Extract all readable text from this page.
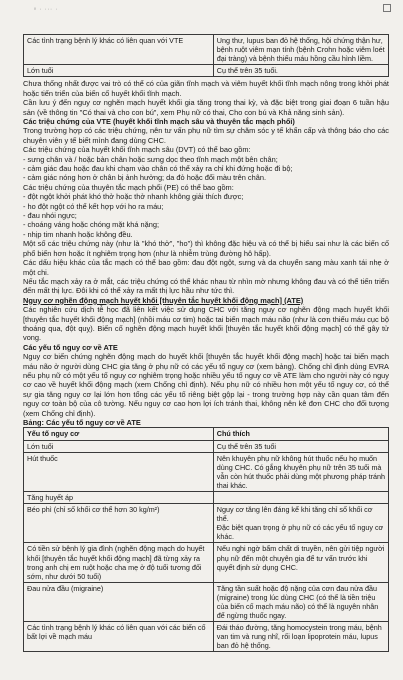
ᵥ . ... .
Các tình trạng bệnh lý khác có liên quan với VTE	Ung thư, lupus ban đỏ hệ thống, hội chứng thận hư, bệnh ruột viêm mạn tính (bệnh Crohn hoặc viêm loét đại tràng) và bệnh thiếu máu hồng cầu hình liềm.
Lớn tuổi	Cụ thể trên 35 tuổi.

Chưa thống nhất được vai trò có thể có của giãn tĩnh mạch và viêm huyết khối tĩnh mạch nông trong khởi phát hoặc tiến triển của biến cố huyết khối tĩnh mạch.

Cần lưu ý đến nguy cơ nghẽn mạch huyết khối gia tăng trong thai kỳ, và đặc biệt trong giai đoạn 6 tuần hậu sản (về thông tin "Có thai và cho con bú", xem Phụ nữ có thai, Cho con bú và Khả năng sinh sản).

Các triệu chứng của VTE (huyết khối tĩnh mạch sâu và thuyên tắc mạch phổi)

Trong trường hợp có các triệu chứng, nên tư vấn phụ nữ tìm sự chăm sóc y tế khẩn cấp và thông báo cho các chuyên viên y tế biết mình đang dùng CHC.

Các triệu chứng của huyết khối tĩnh mạch sâu (DVT) có thể bao gồm:

- sưng chân và / hoặc bàn chân hoặc sưng dọc theo tĩnh mạch một bên chân;
- cảm giác đau hoặc đau khi chạm vào chân có thể xảy ra chỉ khi đứng hoặc đi bộ;
- cảm giác nóng hơn ở chân bị ảnh hưởng; da đỏ hoặc đổi màu trên chân.

Các triệu chứng của thuyên tắc mạch phổi (PE) có thể bao gồm:

- đột ngột khởi phát khó thở hoặc thở nhanh không giải thích được;
- ho đột ngột có thể kết hợp với ho ra máu;
- đau nhói ngực;
- choáng váng hoặc chóng mặt khá nặng;
- nhịp tim nhanh hoặc không đều.

Một số các triệu chứng này (như là "khó thở", "ho") thì không đặc hiệu và có thể bị hiểu sai như là các biến cố phổ biến hơn hoặc ít nghiêm trọng hơn (như là nhiễm trùng đường hô hấp).

Các dấu hiệu khác của tắc mạch có thể bao gồm: đau đột ngột, sưng và da chuyển sang màu xanh tái nhẹ ở một chi.

Nếu tắc mạch xảy ra ở mắt, các triệu chứng có thể khác nhau từ nhìn mờ nhưng không đau và có thể tiến triển đến mất thị lực. Đôi khi có thể xảy ra mất thị lực hầu như tức thì.

Nguy cơ nghẽn động mạch huyết khối [thuyên tắc huyết khối động mạch] (ATE)

Các nghiên cứu dịch tễ học đã liên kết việc sử dụng CHC với tăng nguy cơ nghẽn động mạch huyết khối [thuyên tắc huyết khối động mạch] (nhồi máu cơ tim) hoặc tai biến mạch máu não (như là cơn thiếu máu cục bộ thoáng qua, đột quỵ). Biến cố nghẽn động mạch huyết khối [thuyên tắc huyết khối động mạch] có thể gây tử vong.

Các yếu tố nguy cơ về ATE

Nguy cơ biến chứng nghẽn động mạch do huyết khối [thuyên tắc huyết khối động mạch] hoặc tai biến mạch máu não ở người dùng CHC gia tăng ở phụ nữ có các yếu tố nguy cơ (xem bảng). Chống chỉ định dùng EVRA nếu phụ nữ có một yếu tố nguy cơ nghiêm trọng hoặc nhiều yếu tố nguy cơ về ATE làm cho người này có nguy cơ cao về huyết khối động mạch (xem Chống chỉ định). Nếu phụ nữ có nhiều hơn một yếu tố nguy cơ, có thể sự gia tăng nguy cơ lại lớn hơn tổng các yếu tố riêng biệt gộp lại - trong trường hợp này cần quan tâm đến nguy cơ toàn bộ của cô tường. Nếu nguy cơ cao hơn lợi ích tránh thai, không nên kê đơn CHC cho đối tượng (xem Chống chỉ định).

Bảng: Các yếu tố nguy cơ về ATE

Yếu tố nguy cơ	Chú thích
Lớn tuổi	Cụ thể trên 35 tuổi
Hút thuốc	Nên khuyên phụ nữ không hút thuốc nếu họ muốn dùng CHC. Có gắng khuyên phụ nữ trên 35 tuổi mà vẫn còn hút thuốc phải dùng một phương pháp tránh thai khác.
Tăng huyết áp	
Béo phì (chỉ số khối cơ thể hơn 30 kg/m²)	Nguy cơ tăng lên đáng kể khi tăng chỉ số khối cơ thể.
Đặc biệt quan trọng ở phụ nữ có các yếu tố nguy cơ khác.
Có tiền sử bệnh lý gia đình (nghẽn động mạch do huyết khối [thuyên tắc huyết khối động mạch] đã từng xảy ra trong anh chị em ruột hoặc cha mẹ ở độ tuổi tương đối sớm, như dưới 50 tuổi)	Nếu nghi ngờ bẩm chất di truyền, nên gửi tiệp người phụ nữ đến một chuyên gia để tư vấn trước khi quyết định sử dụng CHC.
Đau nửa đầu (migraine)	Tăng tần suất hoặc độ nặng của cơn đau nửa đầu (migraine) trong lúc dùng CHC (có thể là tiền triệu của biến cố mạch máu não) có thể là nguyên nhân để ngừng thuốc ngay.
Các tình trạng bệnh lý khác có liên quan với các biến cố bất lợi về mạch máu	Đái tháo đường, tăng homocystein trong máu, bệnh van tim và rung nhĩ, rối loạn lipoprotein máu, lupus ban đỏ hệ thống.
